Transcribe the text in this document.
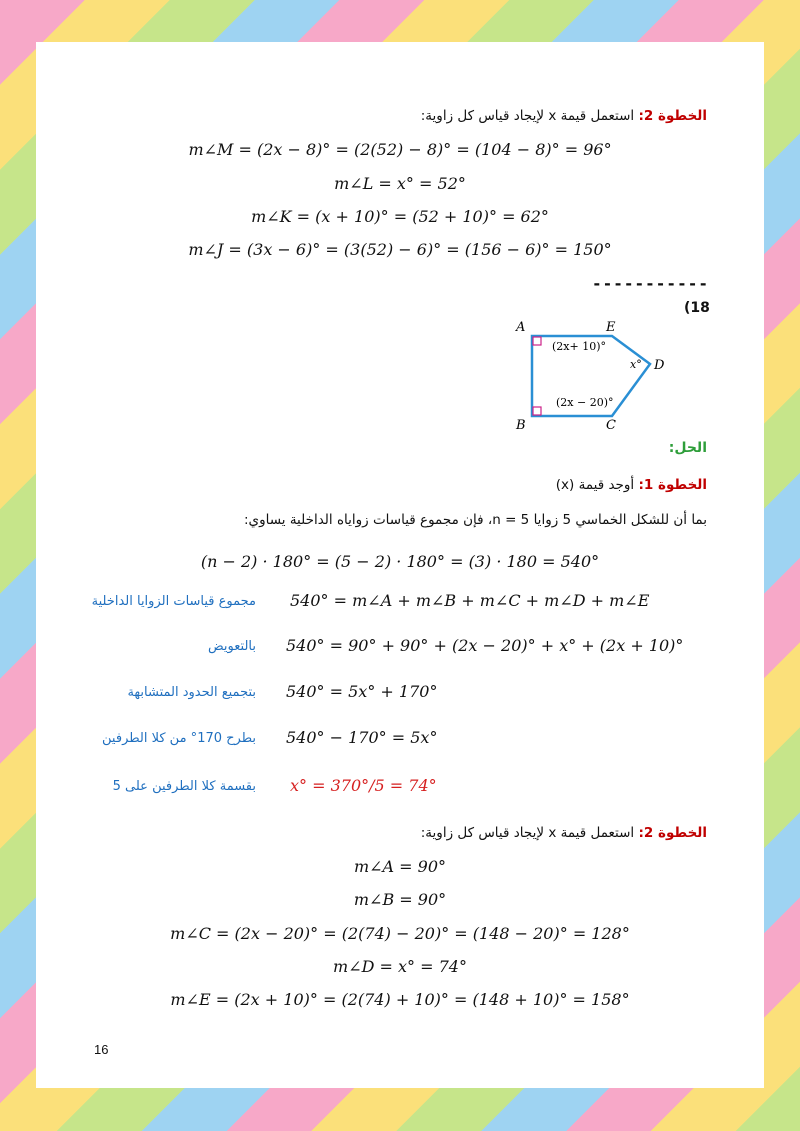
الخطوة 2: استعمل قيمة x لإيجاد قياس كل زاوية:
m∠M = (2x − 8)° = (2(52) − 8)° = (104 − 8)° = 96°
m∠L = x° = 52°
m∠K = (x + 10)° = (52 + 10)° = 62°
m∠J = (3x − 6)° = (3(52) − 6)° = (156 − 6)° = 150°
-----------
(18
A	E
D
C
B
(2x+ 10)°
x°
(2x − 20)°
الحل:
الخطوة 1: أوجد قيمة (x)
بما أن للشكل الخماسي 5 زوايا n = 5، فإن مجموع قياسات زواياه الداخلية يساوي:
(n − 2) · 180° = (5 − 2) · 180° = (3) · 180 = 540°
540° = m∠A + m∠B + m∠C + m∠D + m∠E
مجموع قياسات الزوايا الداخلية
540° = 90° + 90° + (2x − 20)° + x° + (2x + 10)°
بالتعويض
540° = 5x° + 170°
بتجميع الحدود المتشابهة
540° − 170° = 5x°
بطرح 170° من كلا الطرفين
x° = 370°/5 = 74°
بقسمة كلا الطرفين على 5
الخطوة 2: استعمل قيمة x لإيجاد قياس كل زاوية:
m∠A = 90°
m∠B = 90°
m∠C = (2x − 20)° = (2(74) − 20)° = (148 − 20)° = 128°
m∠D = x° = 74°
m∠E = (2x + 10)° = (2(74) + 10)° = (148 + 10)° = 158°
16
